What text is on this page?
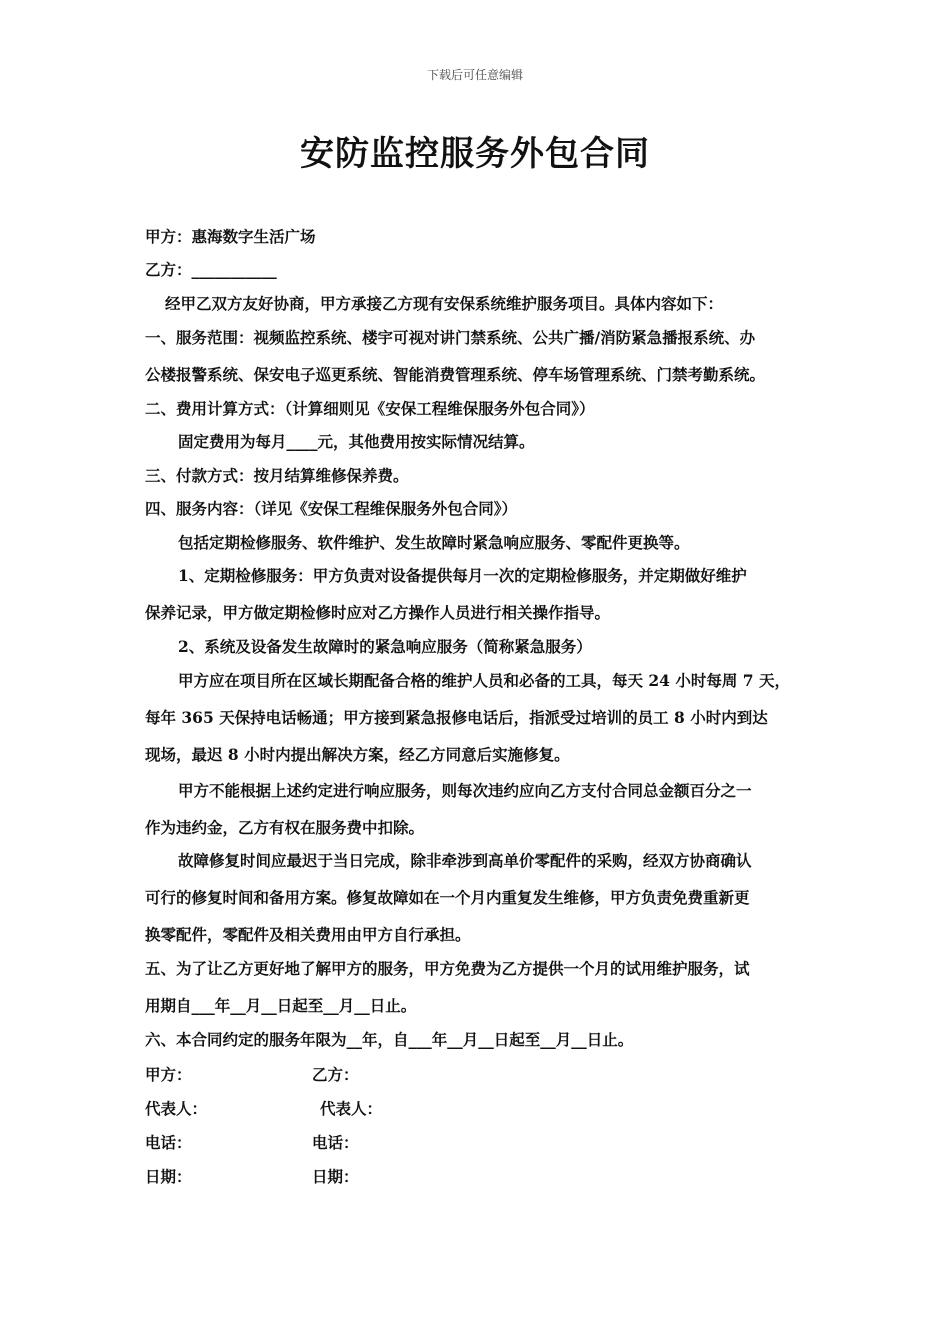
下载后可任意编辑
安防监控服务外包合同
甲方：惠海数字生活广场
乙方：___________
经甲乙双方友好协商，甲方承接乙方现有安保系统维护服务项目。具体内容如下：
一、服务范围：视频监控系统、楼宇可视对讲门禁系统、公共广播/消防紧急播报系统、办
公楼报警系统、保安电子巡更系统、智能消费管理系统、停车场管理系统、门禁考勤系统。
二、费用计算方式：（计算细则见《安保工程维保服务外包合同》）
固定费用为每月____元，其他费用按实际情况结算。
三、付款方式：按月结算维修保养费。
四、服务内容：（详见《安保工程维保服务外包合同》）
包括定期检修服务、软件维护、发生故障时紧急响应服务、零配件更换等。
1、定期检修服务：甲方负责对设备提供每月一次的定期检修服务，并定期做好维护
保养记录，甲方做定期检修时应对乙方操作人员进行相关操作指导。
2、系统及设备发生故障时的紧急响应服务（简称紧急服务）
甲方应在项目所在区域长期配备合格的维护人员和必备的工具，每天 24 小时每周 7 天，
每年 365 天保持电话畅通；甲方接到紧急报修电话后，指派受过培训的员工 8 小时内到达
现场，最迟 8 小时内提出解决方案，经乙方同意后实施修复。
甲方不能根据上述约定进行响应服务，则每次违约应向乙方支付合同总金额百分之一
作为违约金，乙方有权在服务费中扣除。
故障修复时间应最迟于当日完成，除非牵涉到高单价零配件的采购，经双方协商确认
可行的修复时间和备用方案。修复故障如在一个月内重复发生维修，甲方负责免费重新更
换零配件，零配件及相关费用由甲方自行承担。
五、为了让乙方更好地了解甲方的服务，甲方免费为乙方提供一个月的试用维护服务，试
用期自___年__月__日起至__月__日止。
六、本合同约定的服务年限为__年，自___年__月__日起至__月__日止。
甲方：	乙方：
代表人：	代表人：
电话：	电话：
日期：	日期：
